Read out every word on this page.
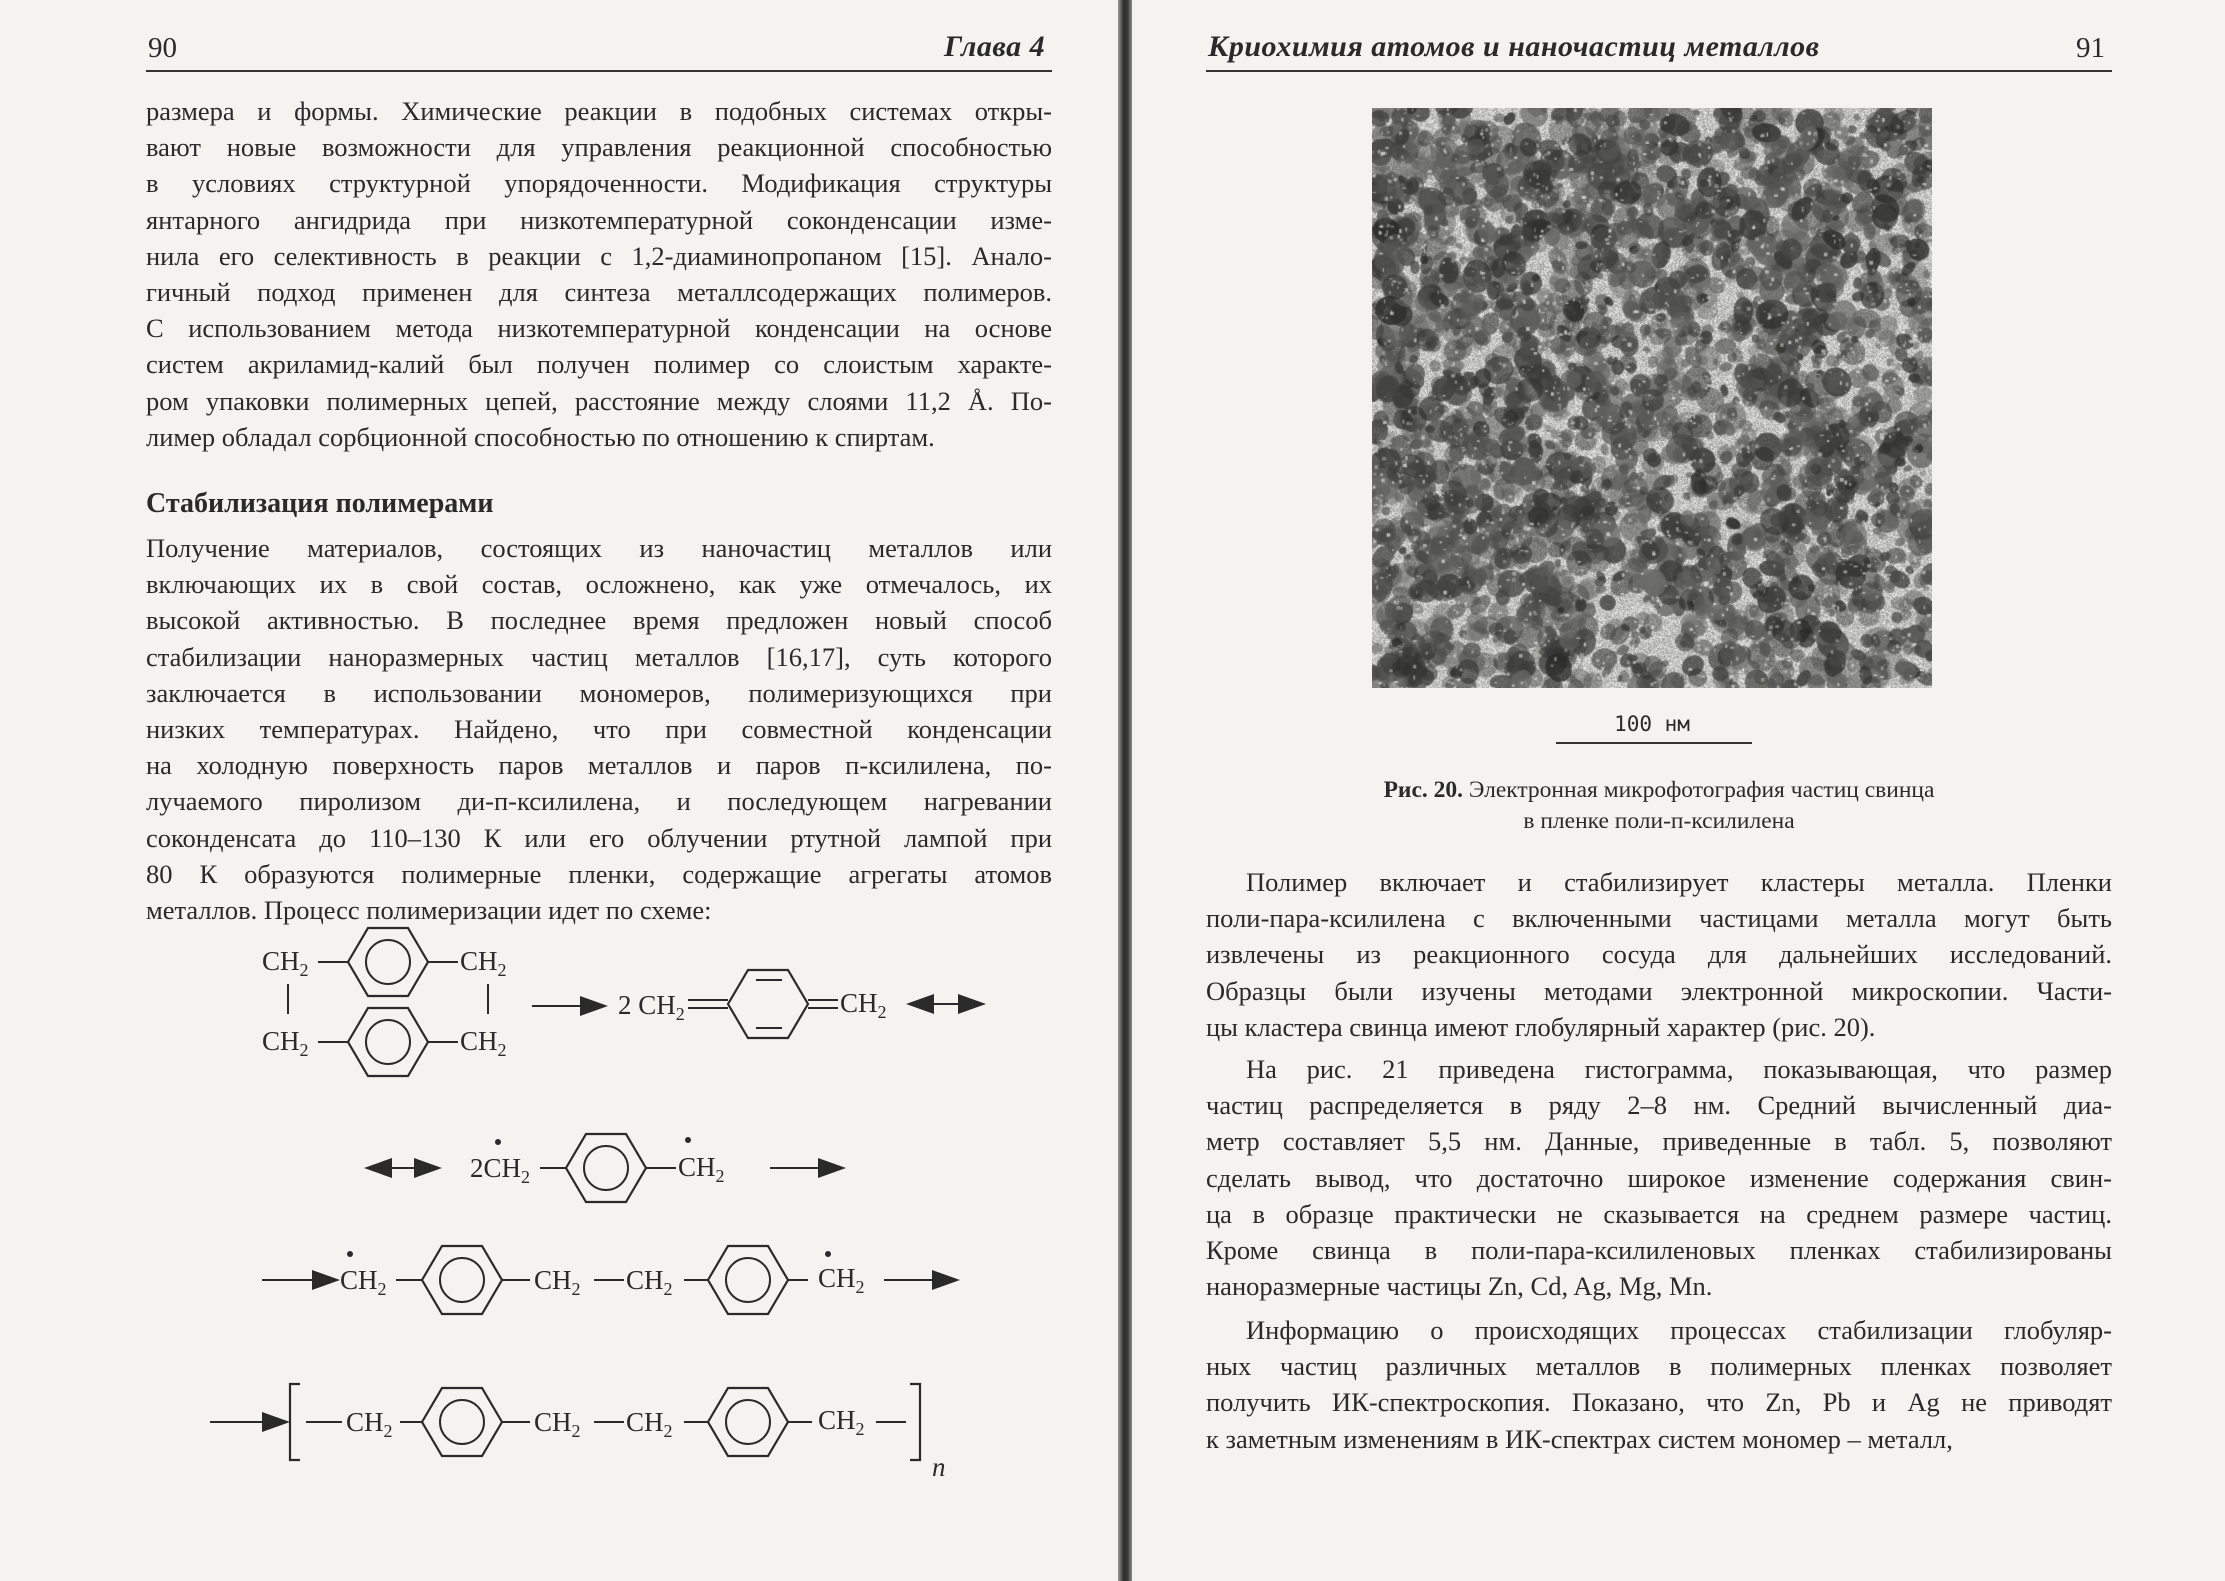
90	Глава 4
размера и формы. Химические реакции в подобных системах откры-
вают новые возможности для управления реакционной способностью
в условиях структурной упорядоченности. Модификация структуры
янтарного ангидрида при низкотемпературной соконденсации изме-
нила его селективность в реакции с 1,2-диаминопропаном [15]. Анало-
гичный подход применен для синтеза металлсодержащих полимеров.
С использованием метода низкотемпературной конденсации на основе
систем акриламид-калий был получен полимер со слоистым характе-
ром упаковки полимерных цепей, расстояние между слоями 11,2 Å. По-
лимер обладал сорбционной способностью по отношению к спиртам.
Стабилизация полимерами
Получение материалов, состоящих из наночастиц металлов или
включающих их в свой состав, осложнено, как уже отмечалось, их
высокой активностью. В последнее время предложен новый способ
стабилизации наноразмерных частиц металлов [16,17], суть которого
заключается в использовании мономеров, полимеризующихся при
низких температурах. Найдено, что при совместной конденсации
на холодную поверхность паров металлов и паров п-ксилилена, по-
лучаемого пиролизом ди-п-ксилилена, и последующем нагревании
соконденсата до 110–130 К или его облучении ртутной лампой при
80 К образуются полимерные пленки, содержащие агрегаты атомов
металлов. Процесс полимеризации идет по схеме:
$CH_2$	$CH_2$
$CH_2$	$CH_2$
2 $CH_2$	$CH_2$
$2CH_2$	$CH_2$
$CH_2$	$CH_2$ $CH_2$	$CH_2$
$CH_2$	$CH_2$ $CH_2$	$CH_2$
n
Криохимия атомов и наночастиц металлов	91
100 нм
Рис. 20. Электронная микрофотография частиц свинца
в пленке поли-п-ксилилена
Полимер включает и стабилизирует кластеры металла. Пленки
поли-пара-ксилилена с включенными частицами металла могут быть
извлечены из реакционного сосуда для дальнейших исследований.
Образцы были изучены методами электронной микроскопии. Части-
цы кластера свинца имеют глобулярный характер (рис. 20).
На рис. 21 приведена гистограмма, показывающая, что размер
частиц распределяется в ряду 2–8 нм. Средний вычисленный диа-
метр составляет 5,5 нм. Данные, приведенные в табл. 5, позволяют
сделать вывод, что достаточно широкое изменение содержания свин-
ца в образце практически не сказывается на среднем размере частиц.
Кроме свинца в поли-пара-ксилиленовых пленках стабилизированы
наноразмерные частицы Zn, Cd, Ag, Mg, Mn.
Информацию о происходящих процессах стабилизации глобуляр-
ных частиц различных металлов в полимерных пленках позволяет
получить ИК-спектроскопия. Показано, что Zn, Pb и Ag не приводят
к заметным изменениям в ИК-спектрах систем мономер – металл,
